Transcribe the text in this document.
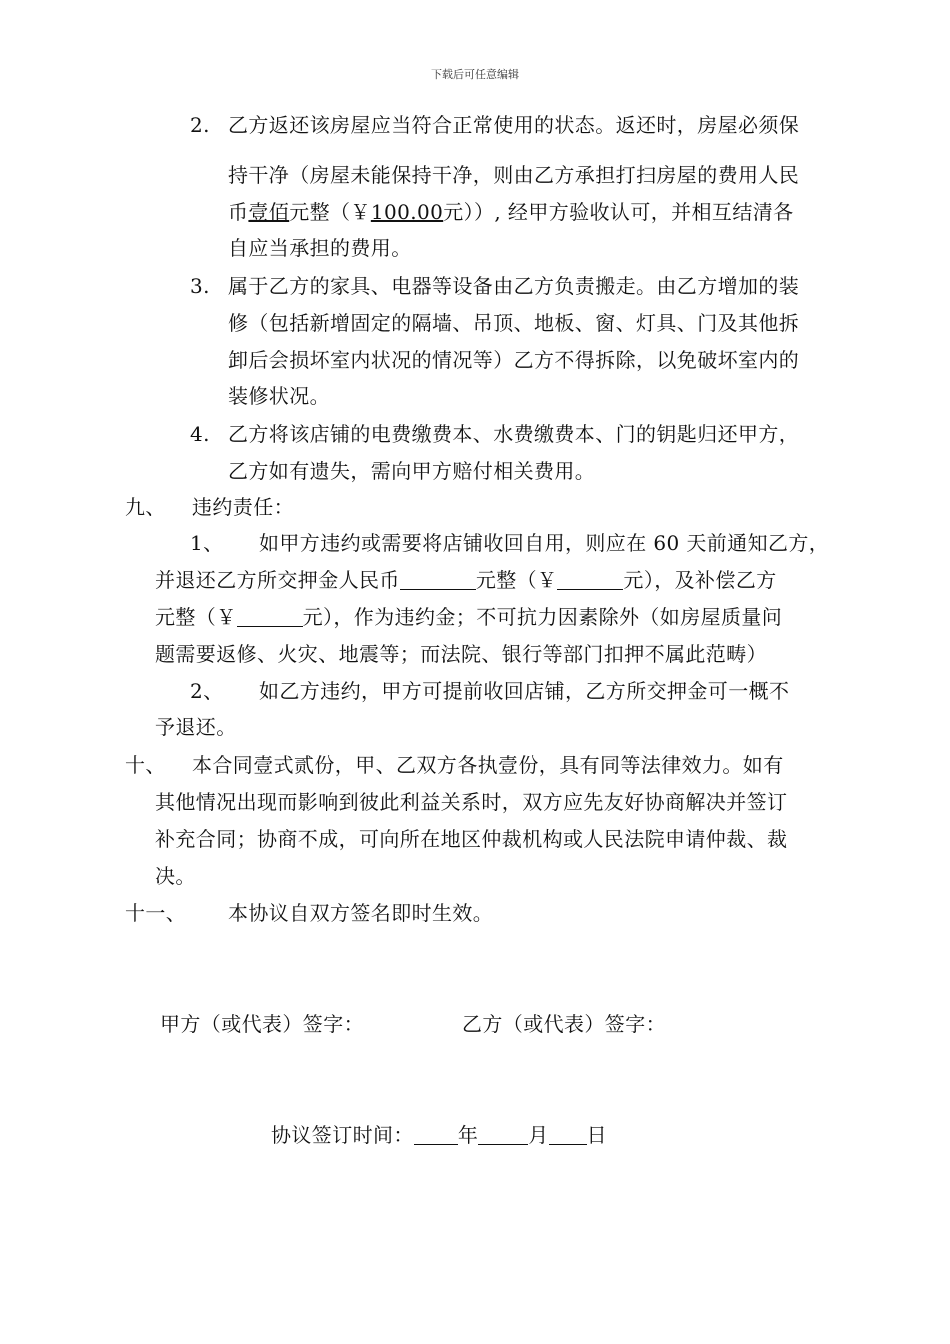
下载后可任意编辑
2. 乙方返还该房屋应当符合正常使用的状态。返还时，房屋必须保
持干净（房屋未能保持干净，则由乙方承担打扫房屋的费用人民
币壹佰元整（￥100.00元））, 经甲方验收认可，并相互结清各
自应当承担的费用。
3. 属于乙方的家具、电器等设备由乙方负责搬走。由乙方增加的装
修（包括新增固定的隔墙、吊顶、地板、窗、灯具、门及其他拆
卸后会损坏室内状况的情况等）乙方不得拆除，以免破坏室内的
装修状况。
4. 乙方将该店铺的电费缴费本、水费缴费本、门的钥匙归还甲方，
乙方如有遗失，需向甲方赔付相关费用。
九、 违约责任：
1、 如甲方违约或需要将店铺收回自用，则应在 60 天前通知乙方，
并退还乙方所交押金人民币	元整（￥	元），及补偿乙方
元整（￥	元），作为违约金；不可抗力因素除外（如房屋质量问
题需要返修、火灾、地震等；而法院、银行等部门扣押不属此范畴）
2、 如乙方违约，甲方可提前收回店铺，乙方所交押金可一概不
予退还。
十、 本合同壹式贰份，甲、乙双方各执壹份，具有同等法律效力。如有
其他情况出现而影响到彼此利益关系时，双方应先友好协商解决并签订
补充合同；协商不成，可向所在地区仲裁机构或人民法院申请仲裁、裁
决。
十一、 本协议自双方签名即时生效。
甲方（或代表）签字：	乙方（或代表）签字：
协议签订时间： 年	月 日
